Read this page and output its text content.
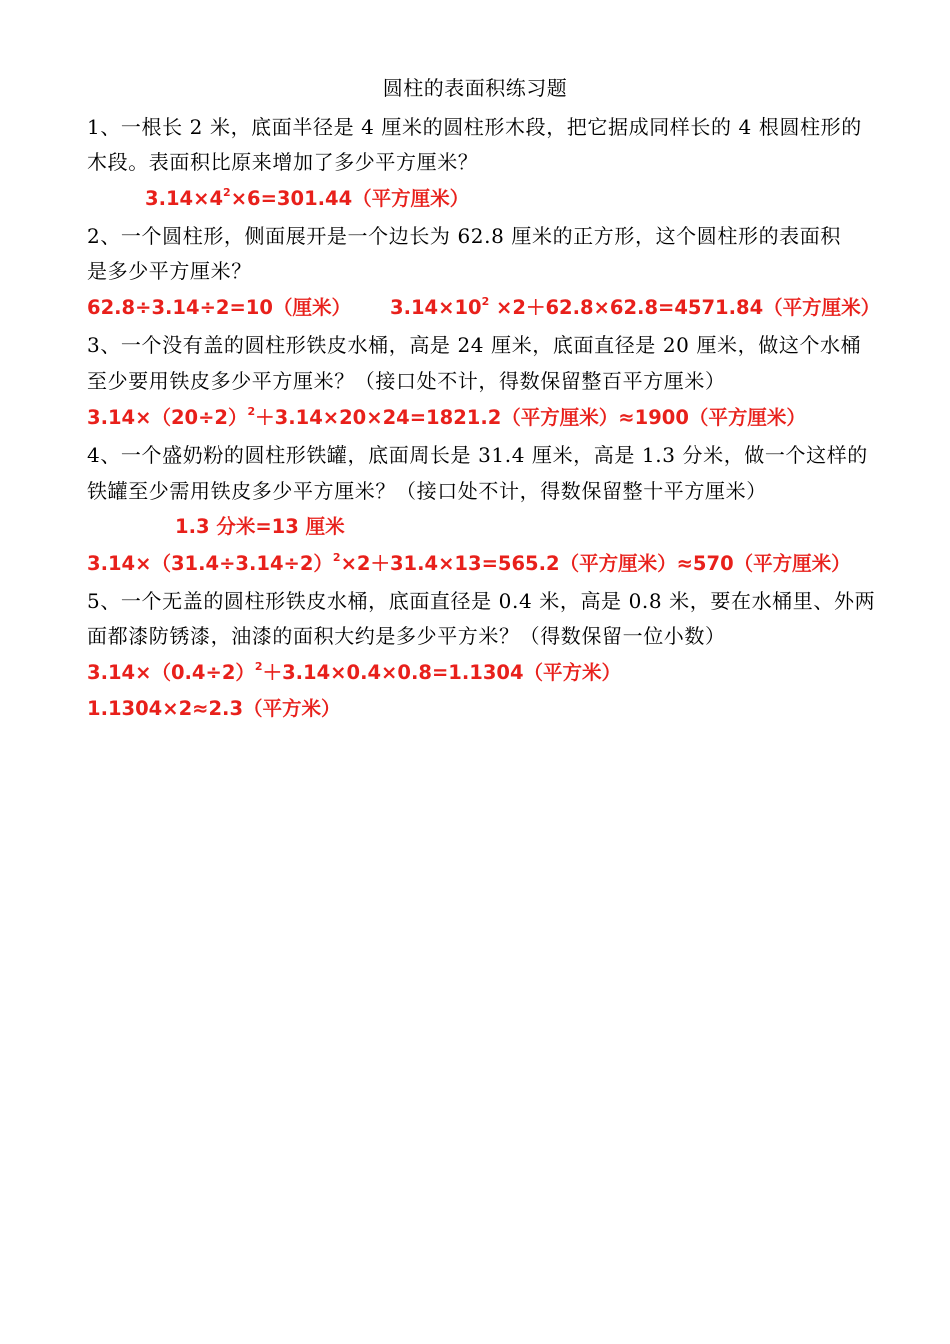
圆柱的表面积练习题
1、一根长 2 米，底面半径是 4 厘米的圆柱形木段，把它据成同样长的 4 根圆柱形的
木段。表面积比原来增加了多少平方厘米？
$3.14\times 4^2\times 6=301.44$（平方厘米）
2、一个圆柱形，侧面展开是一个边长为 62.8 厘米的正方形，这个圆柱形的表面积
是多少平方厘米？
62.8÷3.14÷2=10（厘米） $3.14\times 10^2 \times 2+62.8\times 62.8=4571.84$（平方厘米）
3、一个没有盖的圆柱形铁皮水桶，高是 24 厘米，底面直径是 20 厘米，做这个水桶
至少要用铁皮多少平方厘米？（接口处不计，得数保留整百平方厘米）
$3.14\times(20\div 2)^2+3.14\times 20\times 24=1821.2$（平方厘米）≈1900（平方厘米）
4、一个盛奶粉的圆柱形铁罐，底面周长是 31.4 厘米，高是 1.3 分米，做一个这样的
铁罐至少需用铁皮多少平方厘米？（接口处不计，得数保留整十平方厘米）
1.3 分米=13 厘米
$3.14\times(31.4\div 3.14\div 2)^2\times 2+31.4\times 13=565.2$（平方厘米）≈570（平方厘米）
5、一个无盖的圆柱形铁皮水桶，底面直径是 0.4 米，高是 0.8 米，要在水桶里、外两
面都漆防锈漆，油漆的面积大约是多少平方米？（得数保留一位小数）
$3.14\times(0.4\div 2)^2+3.14\times 0.4\times 0.8=1.1304$（平方米）
1.1304×2≈2.3（平方米）
